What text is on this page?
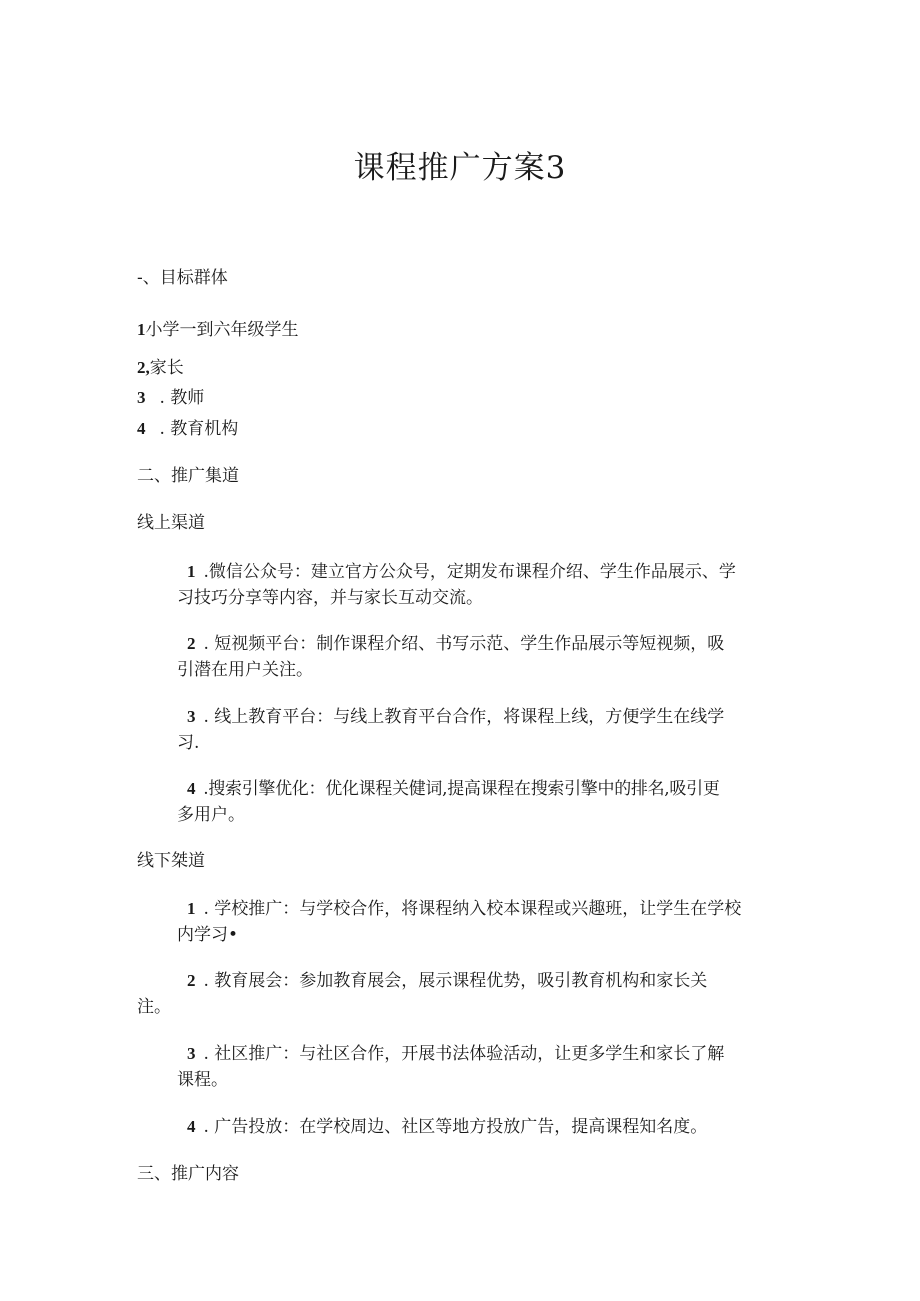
课程推广方案3
-、目标群体
1小学一到六年级学生
2,家长
3 . 教师
4 . 教育机构
二、推广集道
线上渠道
1 .微信公众号：建立官方公众号，定期发布课程介绍、学生作品展示、学
习技巧分享等内容，并与家长互动交流。
2 . 短视频平台：制作课程介绍、书写示范、学生作品展示等短视频，吸
引潜在用户关注。
3 . 线上教育平台：与线上教育平台合作，将课程上线，方便学生在线学
习.
4 .搜索引擎优化：优化课程关健词,提高课程在搜索引擎中的排名,吸引更
多用户。
线下桀道
1 . 学校推广：与学校合作，将课程纳入校本课程或兴趣班，让学生在学校
内学习•
2 . 教育展会：参加教育展会，展示课程优势，吸引教育机构和家长关
注。
3 . 社区推广：与社区合作，开展书法体验活动，让更多学生和家长了解
课程。
4 . 广告投放：在学校周边、社区等地方投放广告，提高课程知名度。
三、推广内容
